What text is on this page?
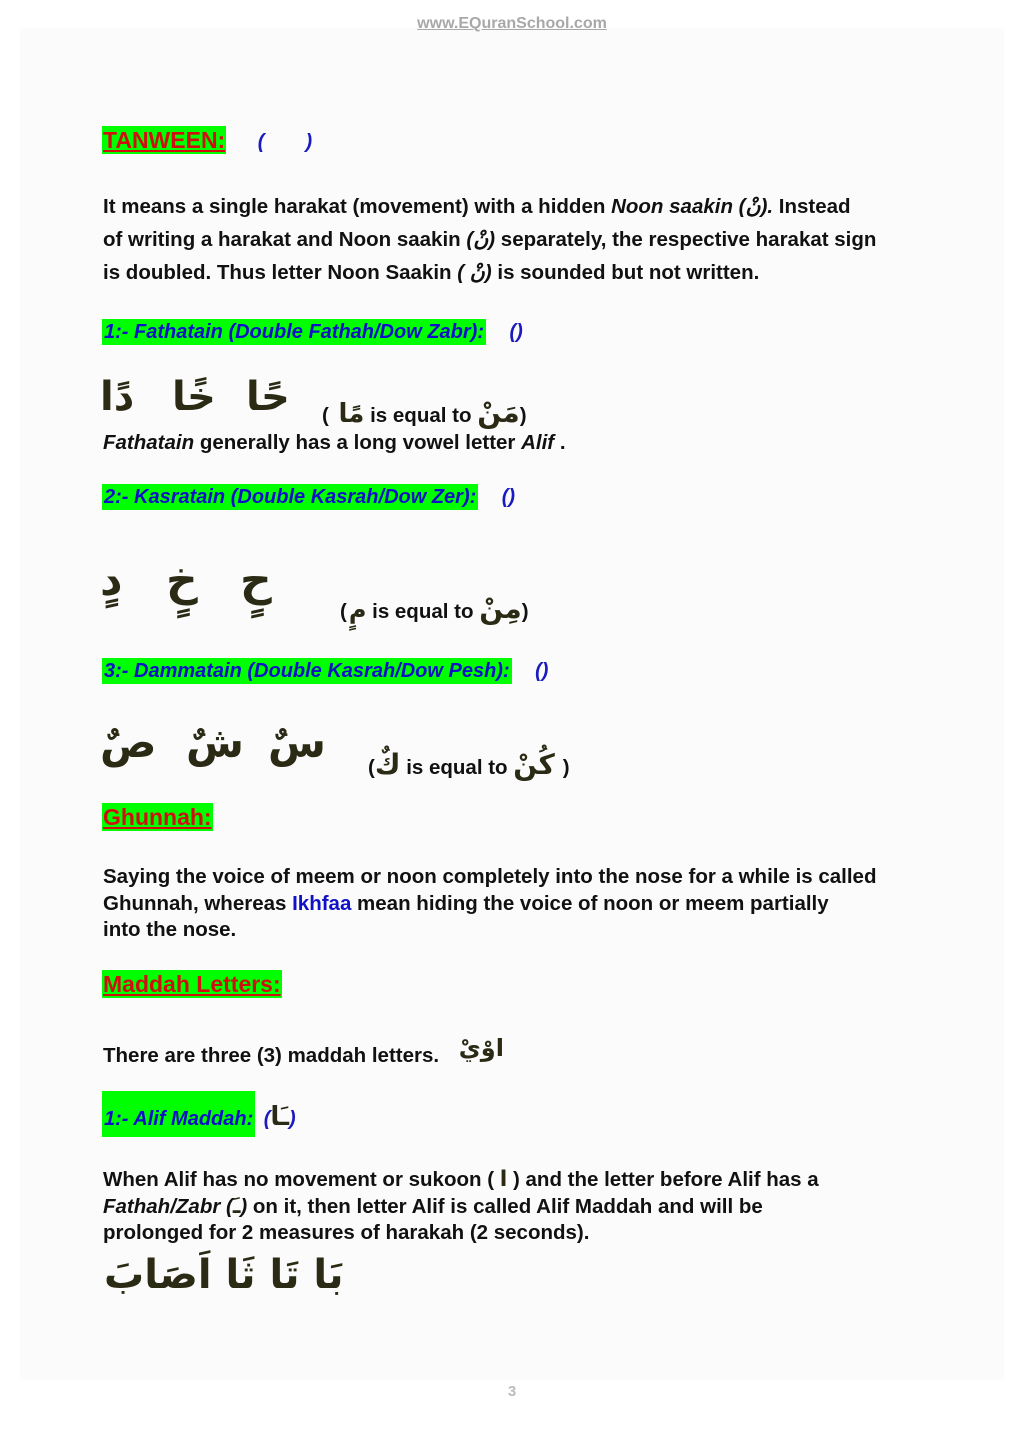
www.EQuranSchool.com
TANWEEN: (ً ٍ ٌ)
It means a single harakat (movement) with a hidden Noon saakin (نْ). Instead
of writing a harakat and Noon saakin (نْ) separately, the respective harakat sign
is doubled. Thus letter Noon Saakin ( نْ) is sounded but not written.
1:- Fathatain (Double Fathah/Dow Zabr): (ً)
حًا
خًا
دًا	( مًا is equal to مَنْ)
Fathatain generally has a long vowel letter Alif .
2:- Kasratain (Double Kasrah/Dow Zer): (ٍ)
حٍ
خٍ
دٍ
(مٍ is equal to مِنْ)
3:- Dammatain (Double Kasrah/Dow Pesh): (ٌ)
سٌ
شٌ
صٌ
(كٌ is equal to كُنْ )
Ghunnah:
Saying the voice of meem or noon completely into the nose for a while is called
Ghunnah, whereas Ikhfaa mean hiding the voice of noon or meem partially
into the nose.
Maddah Letters:
There are three (3) maddah letters. اوْيْ
1:- Alif Maddah: (ـَا)
When Alif has no movement or sukoon ( ا ) and the letter before Alif has a
Fathah/Zabr (ـَ) on it, then letter Alif is called Alif Maddah and will be
prolonged for 2 measures of harakah (2 seconds).
بَا تَا ثَا اَصَابَ
3
